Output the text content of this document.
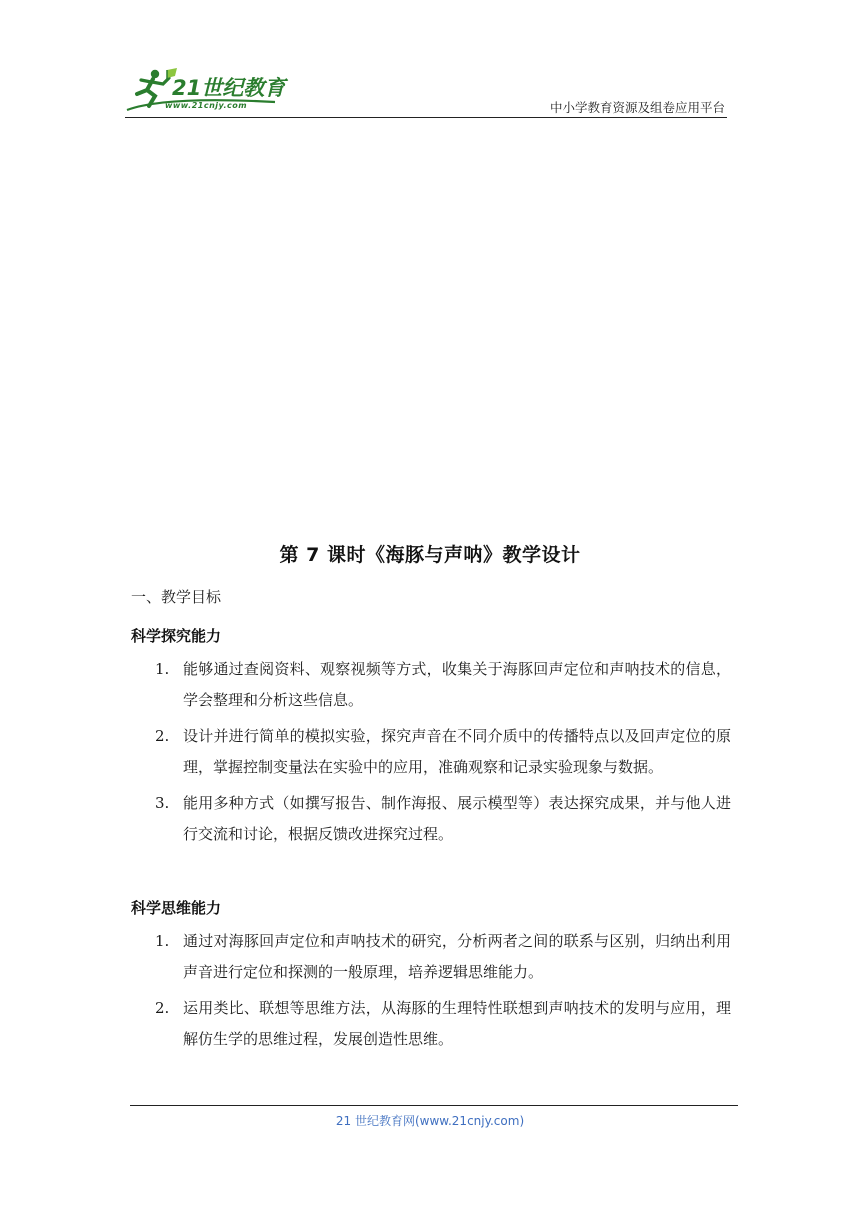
21世纪教育
www.21cnjy.com	中小学教育资源及组卷应用平台
第 7 课时《海豚与声呐》教学设计
一、教学目标
科学探究能力
1. 能够通过查阅资料、观察视频等方式，收集关于海豚回声定位和声呐技术的信息，学会整理和分析这些信息。
2. 设计并进行简单的模拟实验，探究声音在不同介质中的传播特点以及回声定位的原理，掌握控制变量法在实验中的应用，准确观察和记录实验现象与数据。
3. 能用多种方式（如撰写报告、制作海报、展示模型等）表达探究成果，并与他人进行交流和讨论，根据反馈改进探究过程。
科学思维能力
1. 通过对海豚回声定位和声呐技术的研究，分析两者之间的联系与区别，归纳出利用声音进行定位和探测的一般原理，培养逻辑思维能力。
2. 运用类比、联想等思维方法，从海豚的生理特性联想到声呐技术的发明与应用，理解仿生学的思维过程，发展创造性思维。
21 世纪教育网(www.21cnjy.com)
